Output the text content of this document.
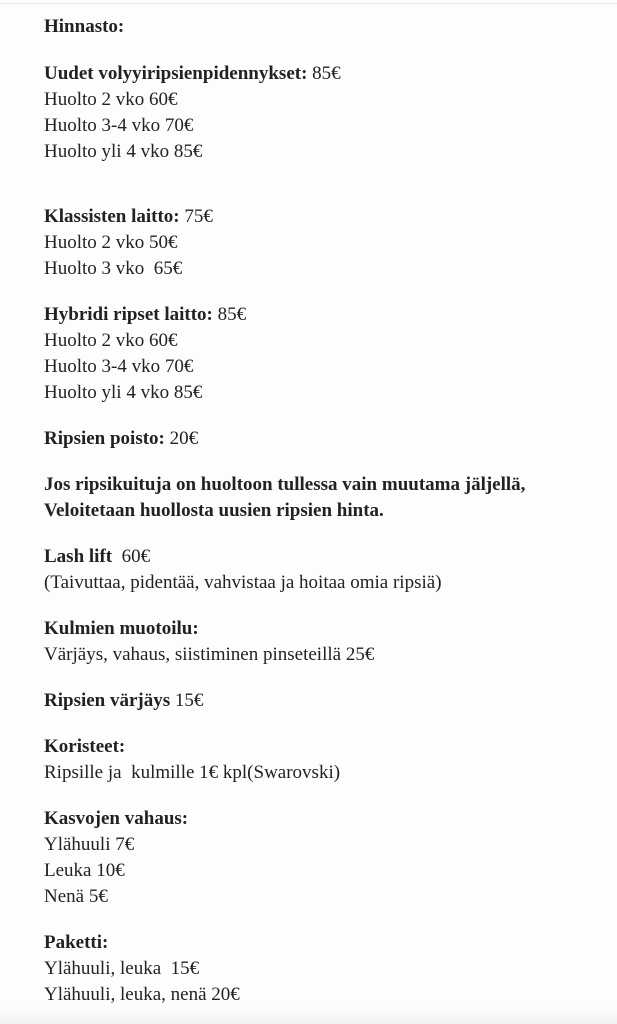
Hinnasto:

Uudet volyyiripsienpidennykset: 85€

Huolto 2 vko 60€

Huolto 3-4 vko 70€

Huolto yli 4 vko 85€

Klassisten laitto: 75€

Huolto 2 vko 50€

Huolto 3 vko  65€

Hybridi ripset laitto: 85€

Huolto 2 vko 60€

Huolto 3-4 vko 70€

Huolto yli 4 vko 85€

Ripsien poisto: 20€

Jos ripsikuituja on huoltoon tullessa vain muutama jäljellä,

Veloitetaan huollosta uusien ripsien hinta.

Lash lift  60€

(Taivuttaa, pidentää, vahvistaa ja hoitaa omia ripsiä)

Kulmien muotoilu:

Värjäys, vahaus, siistiminen pinseteillä 25€

Ripsien värjäys 15€

Koristeet:

Ripsille ja  kulmille 1€ kpl(Swarovski)

Kasvojen vahaus:

Ylähuuli 7€

Leuka 10€

Nenä 5€

Paketti:

Ylähuuli, leuka  15€

Ylähuuli, leuka, nenä 20€
